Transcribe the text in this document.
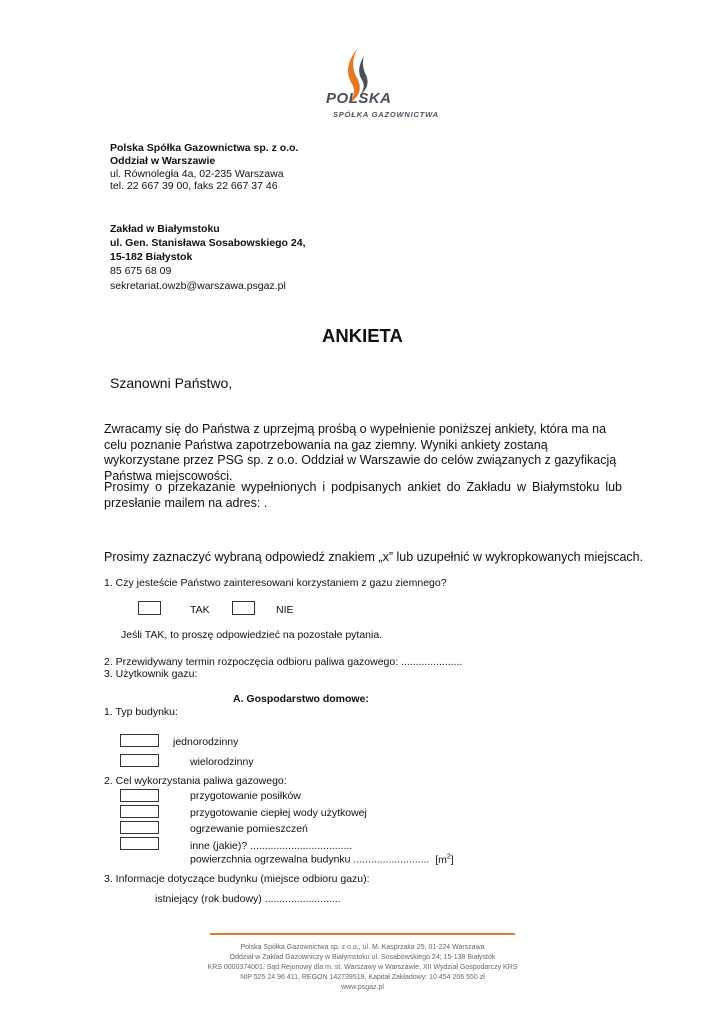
POLSKA
SPÓŁKA GAZOWNICTWA
Polska Spółka Gazownictwa sp. z o.o.
Oddział w Warszawie
ul. Równoległa 4a, 02-235 Warszawa
tel. 22 667 39 00, faks 22 667 37 46
Zakład w Białymstoku
ul. Gen. Stanisława Sosabowskiego 24,
15-182 Białystok
85 675 68 09
sekretariat.owzb@warszawa.psgaz.pl
ANKIETA
Szanowni Państwo,
Zwracamy się do Państwa z uprzejmą prośbą o wypełnienie poniższej ankiety, która ma na celu poznanie Państwa zapotrzebowania na gaz ziemny. Wyniki ankiety zostaną wykorzystane przez PSG sp. z o.o. Oddział w Warszawie do celów związanych z gazyfikacją Państwa miejscowości.
Prosimy o przekazanie wypełnionych i podpisanych ankiet do Zakładu w Białymstoku lub przesłanie mailem na adres: .
Prosimy zaznaczyć wybraną odpowiedź znakiem „x” lub uzupełnić w wykropkowanych miejscach.
1. Czy jesteście Państwo zainteresowani korzystaniem z gazu ziemnego?
TAK	NIE
Jeśli TAK, to proszę odpowiedzieć na pozostałe pytania.
2. Przewidywany termin rozpoczęcia odbioru paliwa gazowego: .....................
3. Użytkownik gazu:
A. Gospodarstwo domowe:
1. Typ budynku:
jednorodzinny
wielorodzinny
2. Cel wykorzystania paliwa gazowego:
przygotowanie posiłków
przygotowanie ciepłej wody użytkowej
ogrzewanie pomieszczeń
inne (jakie)? ...................................
powierzchnia ogrzewalna budynku .......................... $[m^2]$
3. Informacje dotyczące budynku (miejsce odbioru gazu):
istniejący (rok budowy) ..........................
Polska Spółka Gazownictwa sp. z o.o., ul. M. Kasprzaka 25, 01-224 Warszawa
Oddział w Zakład Gazowniczy w Białymstoku ul. Sosabowskiego 24; 15-138 Białystok
KRS 0000374001, Sąd Rejonowy dla m. st. Warszawy w Warszawie, XII Wydział Gospodarczy KRS
NIP 525 24 96 411, REGON 142739519, Kapitał Zakładowy: 10 454 206 550 zł
www.psgaz.pl
